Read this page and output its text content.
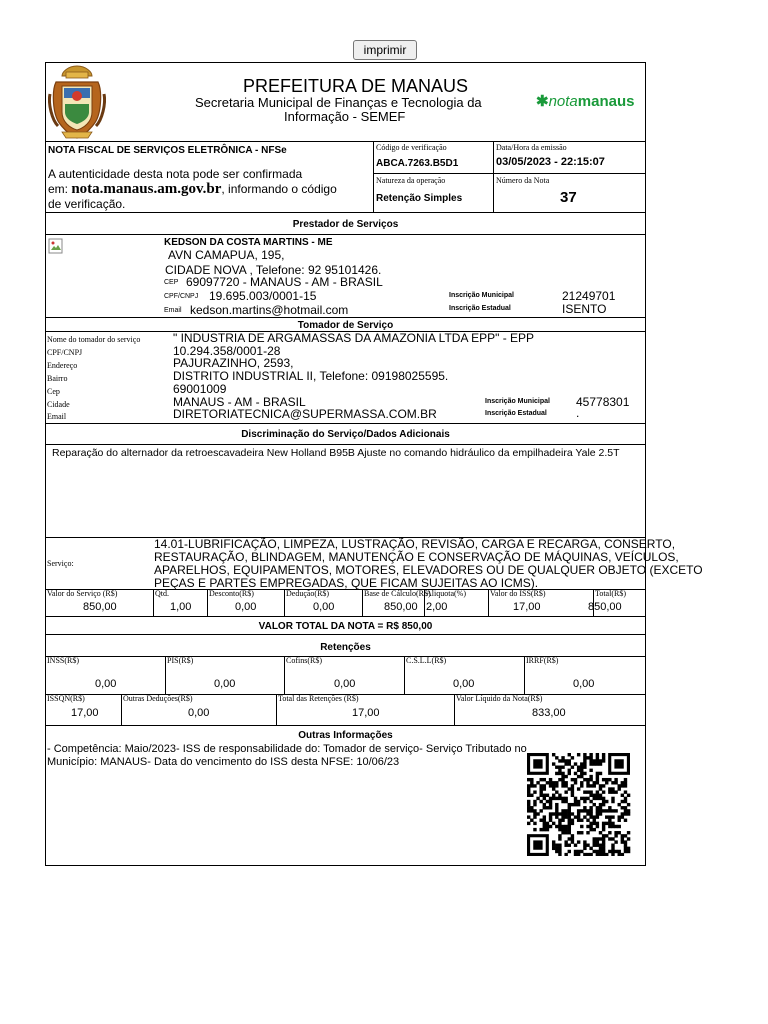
imprimir
PREFEITURA DE MANAUS
Secretaria Municipal de Finanças e Tecnologia da
Informação - SEMEF
✱notamanaus
NOTA FISCAL DE SERVIÇOS ELETRÔNICA - NFSe
A autenticidade desta nota pode ser confirmada
em: nota.manaus.am.gov.br, informando o código
de verificação.
Código de verificação
ABCA.7263.B5D1
Data/Hora da emissão
03/05/2023 - 22:15:07
Natureza da operação
Retenção Simples
Número da Nota
37
Prestador de Serviços
KEDSON DA COSTA MARTINS - ME
AVN CAMAPUA, 195,
CIDADE NOVA , Telefone: 92 95101426.
CEP 69097720 - MANAUS - AM - BRASIL
CPF/CNPJ 19.695.003/0001-15
Email kedson.martins@hotmail.com
Inscrição Municipal	21249701
Inscrição Estadual	ISENTO
Tomador de Serviço
Nome do tomador do serviço
CPF/CNPJ
Endereço
Bairro
Cep
Cidade
Email
" INDUSTRIA DE ARGAMASSAS DA AMAZONIA LTDA EPP" - EPP
10.294.358/0001-28
PAJURAZINHO, 2593,
DISTRITO INDUSTRIAL II, Telefone: 09198025595.
69001009
MANAUS - AM - BRASIL
DIRETORIATECNICA@SUPERMASSA.COM.BR
Inscrição Municipal 45778301
Inscrição Estadual .
Discriminação do Serviço/Dados Adicionais
Reparação do alternador da retroescavadeira New Holland B95B Ajuste no comando hidráulico da empilhadeira Yale 2.5T
Serviço:
14.01-LUBRIFICAÇÃO, LIMPEZA, LUSTRAÇÃO, REVISÃO, CARGA E RECARGA, CONSERTO,
RESTAURAÇÃO, BLINDAGEM, MANUTENÇÃO E CONSERVAÇÃO DE MÁQUINAS, VEÍCULOS,
APARELHOS, EQUIPAMENTOS, MOTORES, ELEVADORES OU DE QUALQUER OBJETO (EXCETO
PEÇAS E PARTES EMPREGADAS, QUE FICAM SUJEITAS AO ICMS).
Valor do Serviço (R$)
850,00
Qtd.
1,00
Desconto(R$)
0,00
Dedução(R$)
0,00
Base de Cálculo(R$)
850,00
Aliquota(%)
2,00
Valor do ISS(R$)
17,00
Total(R$)
850,00
VALOR TOTAL DA NOTA = R$ 850,00
Retenções
INSS(R$)
0,00
PIS(R$)
0,00
Cofins(R$)
0,00
C.S.L.L(R$)
0,00
IRRF(R$)
0,00
ISSQN(R$)
17,00
Outras Deduções(R$)
0,00
Total das Retenções (R$)
17,00
Valor Líquido da Nota(R$)
833,00
Outras Informações
- Competência: Maio/2023- ISS de responsabilidade do: Tomador de serviço- Serviço Tributado no
Município: MANAUS- Data do vencimento do ISS desta NFSE: 10/06/23
